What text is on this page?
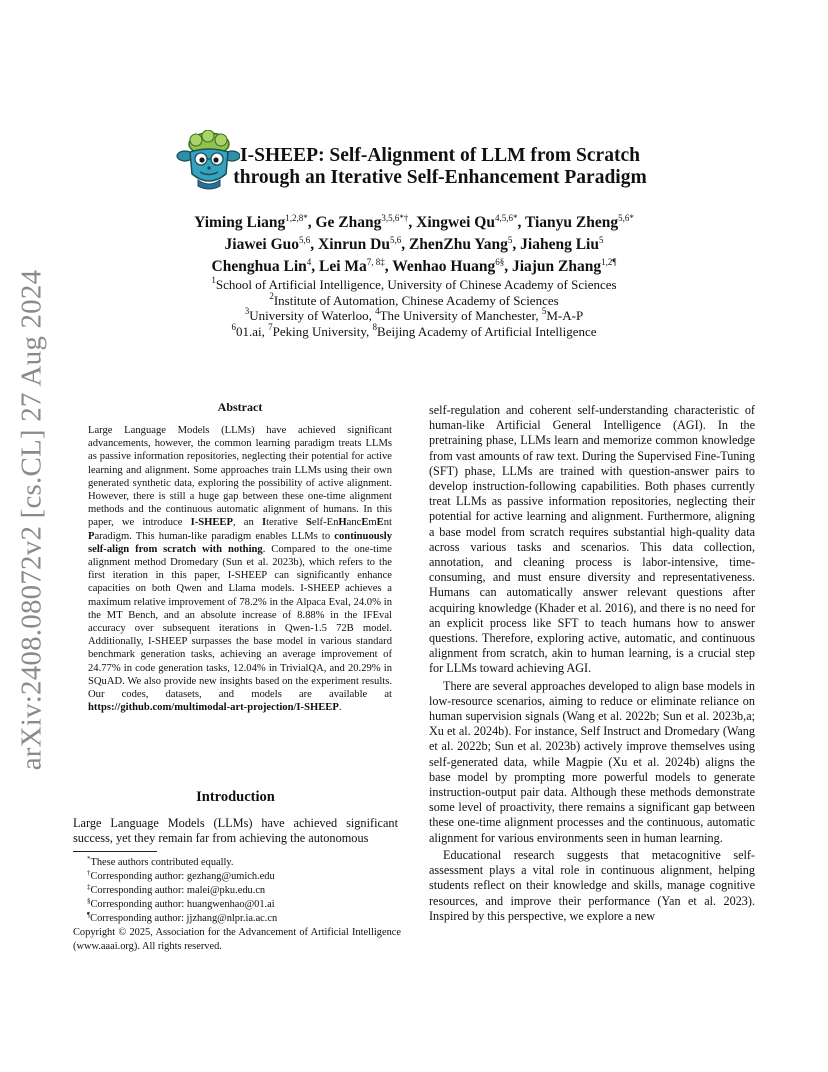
arXiv:2408.08072v2 [cs.CL] 27 Aug 2024
I-SHEEP: Self-Alignment of LLM from Scratch
through an Iterative Self-Enhancement Paradigm
Yiming Liang$^{1,2,8*}$, Ge Zhang$^{3,5,6*\dagger}$, Xingwei $Qu^{4,5,6*}$, Tianyu Zheng$^{5,6*}$
Jiawei Guo$^{5,6}$, Xinrun Du$^{5,6}$, ZhenZhu Yang$^5$, Jiaheng Liu$^5$
Chenghua Lin$^4$, Lei $Ma^{7, 8\ddagger}$, Wenhao Huang$^{6\S}$, Jiajun Zhang$^{1,2\P}$
$^1$School of Artificial Intelligence, University of Chinese Academy of Sciences
$^2$Institute of Automation, Chinese Academy of Sciences
$^3$University of Waterloo, $^4$The University of Manchester, $^5$M-A-P
$^6$01.ai, $^7$Peking University, $^8$Beijing Academy of Artificial Intelligence
Abstract

Large Language Models (LLMs) have achieved significant advancements, however, the common learning paradigm treats LLMs as passive information repositories, neglecting their potential for active learning and alignment. Some approaches train LLMs using their own generated synthetic data, exploring the possibility of active alignment. However, there is still a huge gap between these one-time alignment methods and the continuous automatic alignment of humans. In this paper, we introduce I-SHEEP, an Iterative Self-EnHancEmEnt Paradigm. This human-like paradigm enables LLMs to continuously self-align from scratch with nothing. Compared to the one-time alignment method Dromedary (Sun et al. 2023b), which refers to the first iteration in this paper, I-SHEEP can significantly enhance capacities on both Qwen and Llama models. I-SHEEP achieves a maximum relative improvement of 78.2% in the Alpaca Eval, 24.0% in the MT Bench, and an absolute increase of 8.88% in the IFEval accuracy over subsequent iterations in Qwen-1.5 72B model. Additionally, I-SHEEP surpasses the base model in various standard benchmark generation tasks, achieving an average improvement of 24.77% in code generation tasks, 12.04% in TrivialQA, and 20.29% in SQuAD. We also provide new insights based on the experiment results. Our codes, datasets, and models are available at https://github.com/multimodal-art-projection/I-SHEEP.

Introduction

Large Language Models (LLMs) have achieved significant success, yet they remain far from achieving the autonomous

*These authors contributed equally.
†Corresponding author: gezhang@umich.edu
‡Corresponding author: malei@pku.edu.cn
§Corresponding author: huangwenhao@01.ai
¶Corresponding author: jjzhang@nlpr.ia.ac.cn
Copyright © 2025, Association for the Advancement of Artificial Intelligence (www.aaai.org). All rights reserved.

self-regulation and coherent self-understanding characteristic of human-like Artificial General Intelligence (AGI). In the pretraining phase, LLMs learn and memorize common knowledge from vast amounts of raw text. During the Supervised Fine-Tuning (SFT) phase, LLMs are trained with question-answer pairs to develop instruction-following capabilities. Both phases currently treat LLMs as passive information repositories, neglecting their potential for active learning and alignment. Furthermore, aligning a base model from scratch requires substantial high-quality data across various tasks and scenarios. This data collection, annotation, and cleaning process is labor-intensive, time-consuming, and must ensure diversity and representativeness. Humans can automatically answer relevant questions after acquiring knowledge (Khader et al. 2016), and there is no need for an explicit process like SFT to teach humans how to answer questions. Therefore, exploring active, automatic, and continuous alignment from scratch, akin to human learning, is a crucial step for LLMs toward achieving AGI.

There are several approaches developed to align base models in low-resource scenarios, aiming to reduce or eliminate reliance on human supervision signals (Wang et al. 2022b; Sun et al. 2023b,a; Xu et al. 2024b). For instance, Self Instruct and Dromedary (Wang et al. 2022b; Sun et al. 2023b) actively improve themselves using self-generated data, while Magpie (Xu et al. 2024b) aligns the base model by prompting more powerful models to generate instruction-output pair data. Although these methods demonstrate some level of proactivity, there remains a significant gap between these one-time alignment processes and the continuous, automatic alignment for various environments seen in human learning.

Educational research suggests that metacognitive self-assessment plays a vital role in continuous alignment, helping students reflect on their knowledge and skills, manage cognitive resources, and improve their performance (Yan et al. 2023). Inspired by this perspective, we explore a new
